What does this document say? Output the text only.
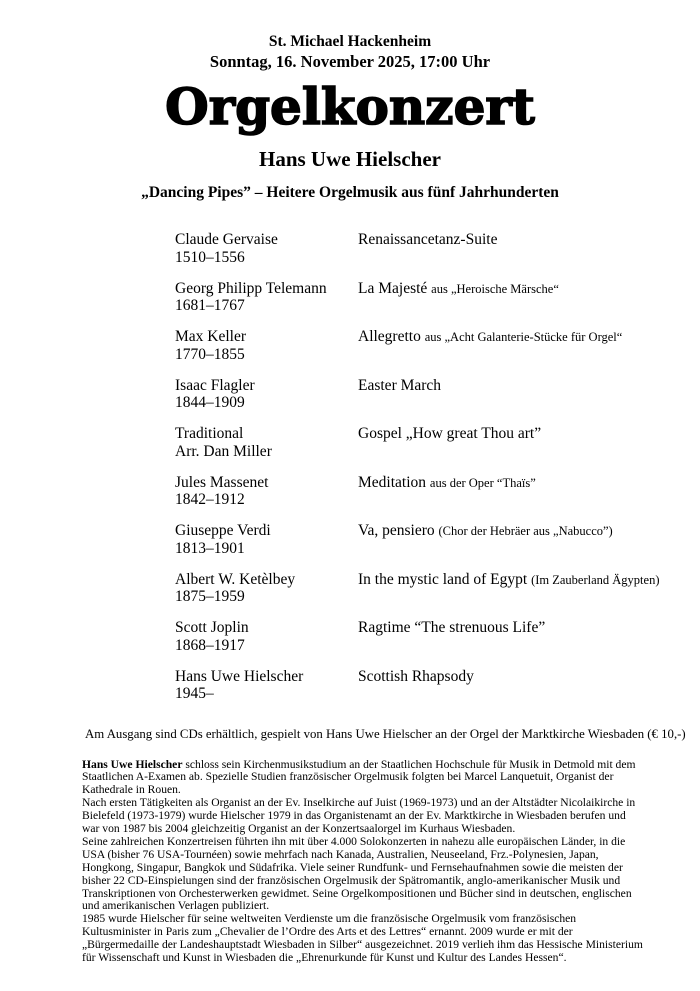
St. Michael Hackenheim
Sonntag, 16. November 2025, 17:00 Uhr
Orgelkonzert
Hans Uwe Hielscher
„Dancing Pipes” – Heitere Orgelmusik aus fünf Jahrhunderten
Claude Gervaise
1510–1556
Renaissancetanz-Suite
Georg Philipp Telemann
1681–1767
La Majesté aus „Heroische Märsche“
Max Keller
1770–1855
Allegretto aus „Acht Galanterie-Stücke für Orgel“
Isaac Flagler
1844–1909
Easter March
Traditional
Arr. Dan Miller
Gospel „How great Thou art”
Jules Massenet
1842–1912
Meditation aus der Oper “Thaïs”
Giuseppe Verdi
1813–1901
Va, pensiero (Chor der Hebräer aus „Nabucco”)
Albert W. Ketèlbey
1875–1959
In the mystic land of Egypt (Im Zauberland Ägypten)
Scott Joplin
1868–1917
Ragtime “The strenuous Life”
Hans Uwe Hielscher
1945–
Scottish Rhapsody
Am Ausgang sind CDs erhältlich, gespielt von Hans Uwe Hielscher an der Orgel der Marktkirche Wiesbaden (€ 10,-)

Hans Uwe Hielscher schloss sein Kirchenmusikstudium an der Staatlichen Hochschule für Musik in Detmold mit dem Staatlichen A-Examen ab. Spezielle Studien französischer Orgelmusik folgten bei Marcel Lanquetuit, Organist der Kathedrale in Rouen.

Nach ersten Tätigkeiten als Organist an der Ev. Inselkirche auf Juist (1969-1973) und an der Altstädter Nicolaikirche in Bielefeld (1973-1979) wurde Hielscher 1979 in das Organistenamt an der Ev. Marktkirche in Wiesbaden berufen und war von 1987 bis 2004 gleichzeitig Organist an der Konzertsaalorgel im Kurhaus Wiesbaden.

Seine zahlreichen Konzertreisen führten ihn mit über 4.000 Solokonzerten in nahezu alle europäischen Länder, in die USA (bisher 76 USA-Tournéen) sowie mehrfach nach Kanada, Australien, Neuseeland, Frz.-Polynesien, Japan, Hongkong, Singapur, Bangkok und Südafrika. Viele seiner Rundfunk- und Fernsehaufnahmen sowie die meisten der bisher 22 CD-Einspielungen sind der französischen Orgelmusik der Spätromantik, anglo-amerikanischer Musik und Transkriptionen von Orchesterwerken gewidmet. Seine Orgelkompositionen und Bücher sind in deutschen, englischen und amerikanischen Verlagen publiziert.

1985 wurde Hielscher für seine weltweiten Verdienste um die französische Orgelmusik vom französischen Kultusminister in Paris zum „Chevalier de l’Ordre des Arts et des Lettres“ ernannt. 2009 wurde er mit der „Bürgermedaille der Landeshauptstadt Wiesbaden in Silber“ ausgezeichnet. 2019 verlieh ihm das Hessische Ministerium für Wissenschaft und Kunst in Wiesbaden die „Ehrenurkunde für Kunst und Kultur des Landes Hessen“.
